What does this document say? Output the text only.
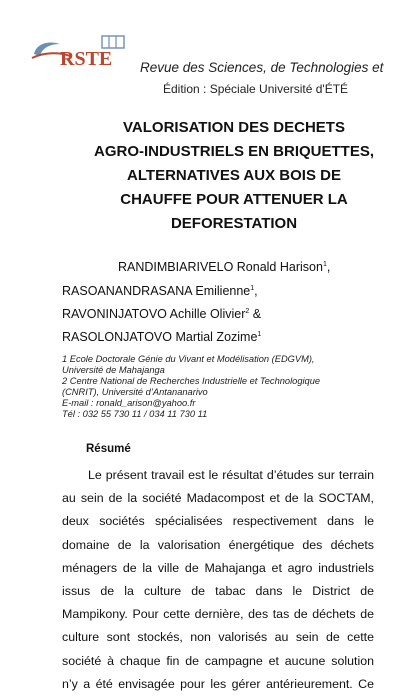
RSTE Revue des Sciences, de Technologies et
Édition : Spéciale Université d'ÉTÉ
VALORISATION DES DECHETS
AGRO-INDUSTRIELS EN BRIQUETTES,
ALTERNATIVES AUX BOIS DE
CHAUFFE POUR ATTENUER LA
DEFORESTATION
RANDIMBIARIVELO Ronald Harison$^1$,
RASOANANDRASANA Emilienne$^1$,
RAVONINJATOVO Achille Olivier$^2$ &
RASOLONJATOVO Martial Zozime$^1$
1 Ecole Doctorale Génie du Vivant et Modélisation (EDGVM),
Université de Mahajanga
2 Centre National de Recherches Industrielle et Technologique
(CNRIT), Université d’Antananarivo
E-mail : ronald_arison@yahoo.fr
Tél : 032 55 730 11 / 034 11 730 11
Résumé
Le présent travail est le résultat d’études sur terrain
au sein de la société Madacompost et de la SOCTAM,
deux sociétés spécialisées respectivement dans le
domaine de la valorisation énergétique des déchets
ménagers de la ville de Mahajanga et agro industriels
issus de la culture de tabac dans le District de
Mampikony. Pour cette dernière, des tas de déchets de
culture sont stockés, non valorisés au sein de cette
société à chaque fin de campagne et aucune solution
n’y a été envisagée pour les gérer antérieurement. Ce
